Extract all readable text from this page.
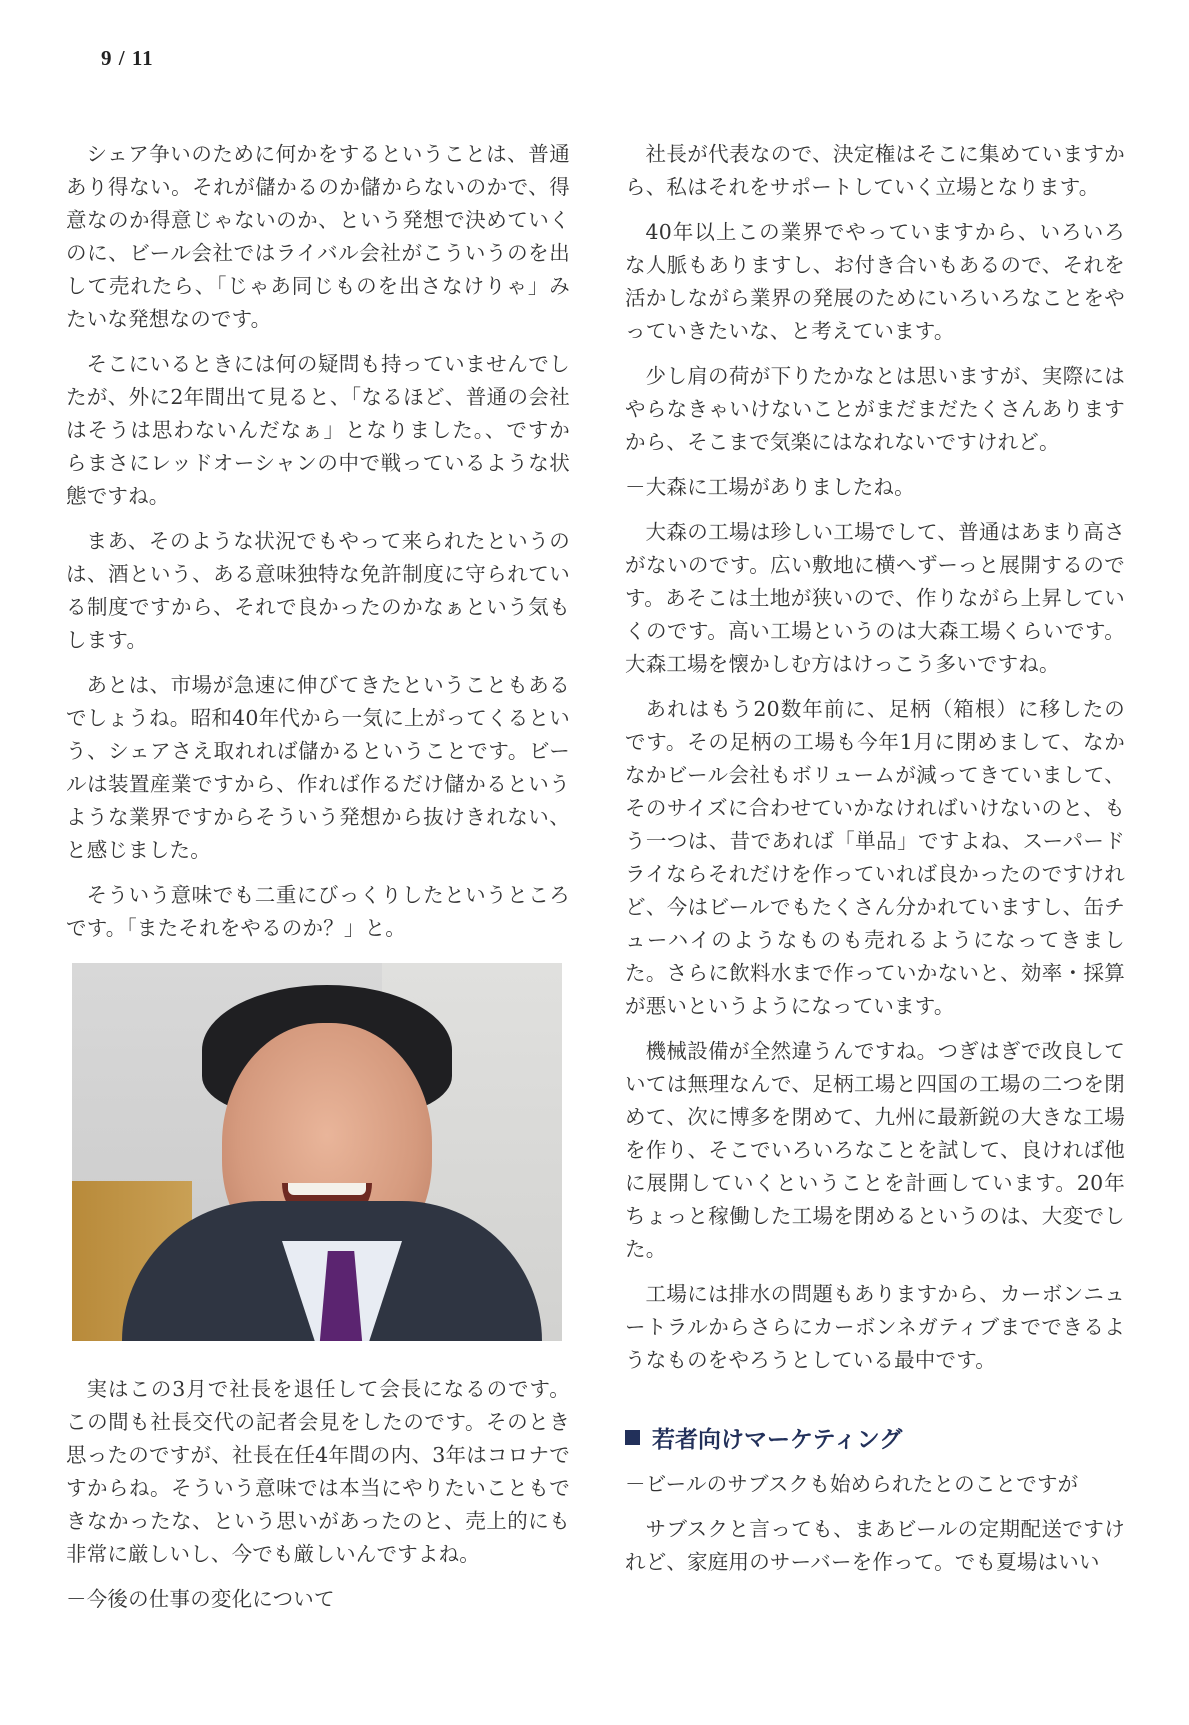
9 / 11

シェア争いのために何かをするということは、普通あり得ない。それが儲かるのか儲からないのかで、得意なのか得意じゃないのか、という発想で決めていくのに、ビール会社ではライバル会社がこういうのを出して売れたら、「じゃあ同じものを出さなけりゃ」みたいな発想なのです。

そこにいるときには何の疑問も持っていませんでしたが、外に2年間出て見ると、「なるほど、普通の会社はそうは思わないんだなぁ」となりました。、ですからまさにレッドオーシャンの中で戦っているような状態ですね。

まあ、そのような状況でもやって来られたというのは、酒という、ある意味独特な免許制度に守られている制度ですから、それで良かったのかなぁという気もします。

あとは、市場が急速に伸びてきたということもあるでしょうね。昭和40年代から一気に上がってくるという、シェアさえ取れれば儲かるということです。ビールは装置産業ですから、作れば作るだけ儲かるというような業界ですからそういう発想から抜けきれない、と感じました。

そういう意味でも二重にびっくりしたというところです。「またそれをやるのか？」と。

実はこの3月で社長を退任して会長になるのです。この間も社長交代の記者会見をしたのです。そのとき思ったのですが、社長在任4年間の内、3年はコロナですからね。そういう意味では本当にやりたいこともできなかったな、という思いがあったのと、売上的にも非常に厳しいし、今でも厳しいんですよね。

－今後の仕事の変化について

社長が代表なので、決定権はそこに集めていますから、私はそれをサポートしていく立場となります。

40年以上この業界でやっていますから、いろいろな人脈もありますし、お付き合いもあるので、それを活かしながら業界の発展のためにいろいろなことをやっていきたいな、と考えています。

少し肩の荷が下りたかなとは思いますが、実際にはやらなきゃいけないことがまだまだたくさんありますから、そこまで気楽にはなれないですけれど。

－大森に工場がありましたね。

大森の工場は珍しい工場でして、普通はあまり高さがないのです。広い敷地に横へずーっと展開するのです。あそこは土地が狭いので、作りながら上昇していくのです。高い工場というのは大森工場くらいです。大森工場を懐かしむ方はけっこう多いですね。

あれはもう20数年前に、足柄（箱根）に移したのです。その足柄の工場も今年1月に閉めまして、なかなかビール会社もボリュームが減ってきていまして、そのサイズに合わせていかなければいけないのと、もう一つは、昔であれば「単品」ですよね、スーパードライならそれだけを作っていれば良かったのですけれど、今はビールでもたくさん分かれていますし、缶チューハイのようなものも売れるようになってきました。さらに飲料水まで作っていかないと、効率・採算が悪いというようになっています。

機械設備が全然違うんですね。つぎはぎで改良していては無理なんで、足柄工場と四国の工場の二つを閉めて、次に博多を閉めて、九州に最新鋭の大きな工場を作り、そこでいろいろなことを試して、良ければ他に展開していくということを計画しています。20年ちょっと稼働した工場を閉めるというのは、大変でした。

工場には排水の問題もありますから、カーボンニュートラルからさらにカーボンネガティブまでできるようなものをやろうとしている最中です。

若者向けマーケティング

－ビールのサブスクも始められたとのことですが

サブスクと言っても、まあビールの定期配送ですけれど、家庭用のサーバーを作って。でも夏場はいい
